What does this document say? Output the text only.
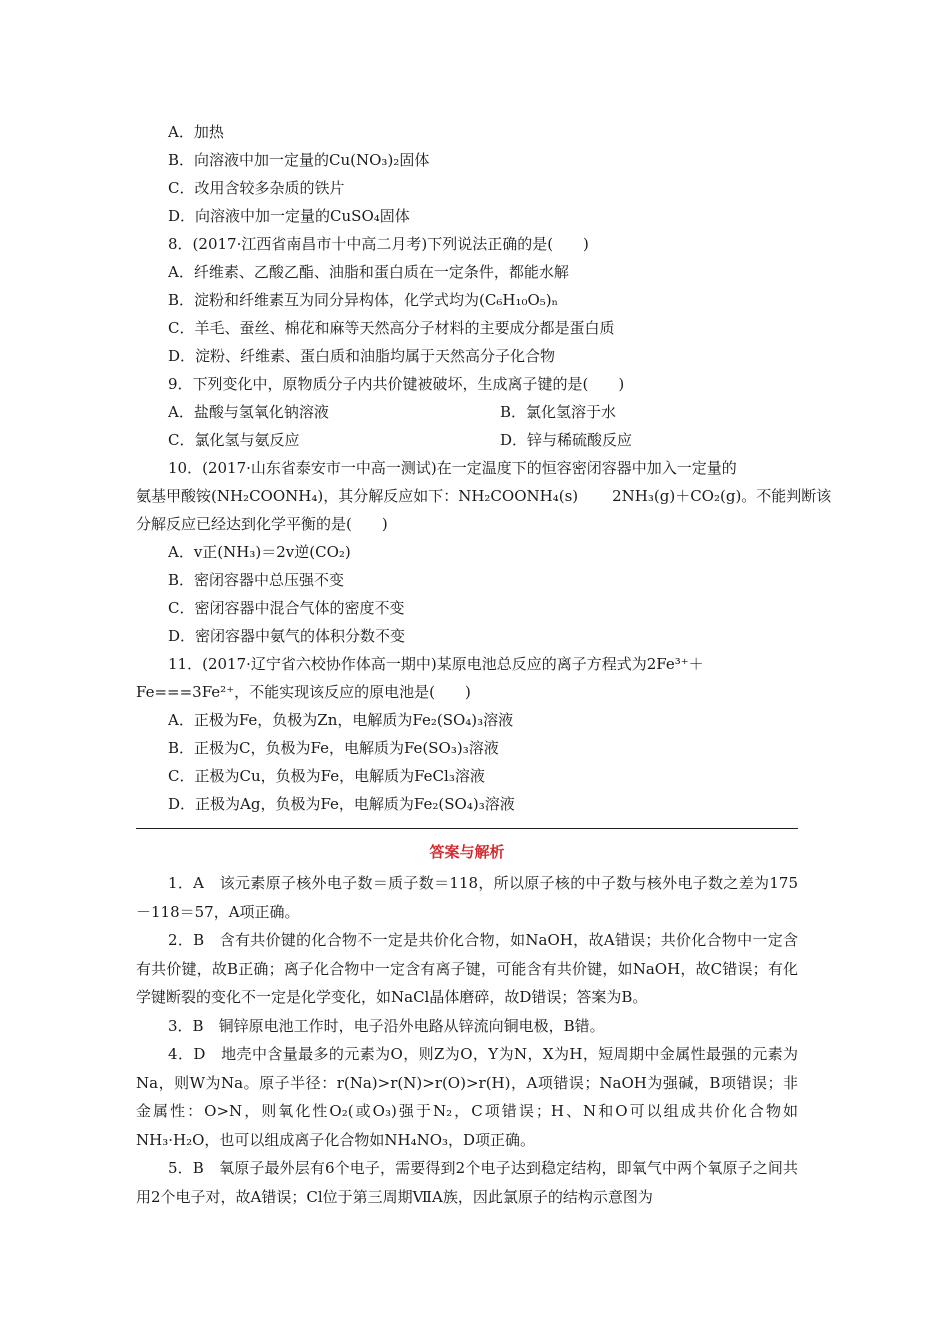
A．加热
B．向溶液中加一定量的Cu(NO₃)₂固体
C．改用含较多杂质的铁片
D．向溶液中加一定量的CuSO₄固体
8．(2017·江西省南昌市十中高二月考)下列说法正确的是(　　)
A．纤维素、乙酸乙酯、油脂和蛋白质在一定条件，都能水解
B．淀粉和纤维素互为同分异构体，化学式均为(C₆H₁₀O₅)ₙ
C．羊毛、蚕丝、棉花和麻等天然高分子材料的主要成分都是蛋白质
D．淀粉、纤维素、蛋白质和油脂均属于天然高分子化合物
9．下列变化中，原物质分子内共价键被破坏，生成离子键的是(　　)
A．盐酸与氢氧化钠溶液	B．氯化氢溶于水
C．氯化氢与氨反应	D．锌与稀硫酸反应
10．(2017·山东省泰安市一中高一测试)在一定温度下的恒容密闭容器中加入一定量的
氨基甲酸铵(NH₂COONH₄)，其分解反应如下：NH₂COONH₄(s) 2NH₃(g)＋CO₂(g)。不能判断该
分解反应已经达到化学平衡的是(　　)
A．v正(NH₃)＝2v逆(CO₂)
B．密闭容器中总压强不变
C．密闭容器中混合气体的密度不变
D．密闭容器中氨气的体积分数不变
11．(2017·辽宁省六校协作体高一期中)某原电池总反应的离子方程式为2Fe³⁺＋
Fe===3Fe²⁺，不能实现该反应的原电池是(　　)
A．正极为Fe，负极为Zn，电解质为Fe₂(SO₄)₃溶液
B．正极为C，负极为Fe，电解质为Fe(SO₃)₃溶液
C．正极为Cu，负极为Fe，电解质为FeCl₃溶液
D．正极为Ag，负极为Fe，电解质为Fe₂(SO₄)₃溶液
答案与解析
1．A　该元素原子核外电子数＝质子数＝118，所以原子核的中子数与核外电子数之差为175－118＝57，A项正确。
2．B　含有共价键的化合物不一定是共价化合物，如NaOH，故A错误；共价化合物中一定含有共价键，故B正确；离子化合物中一定含有离子键，可能含有共价键，如NaOH，故C错误；有化学键断裂的变化不一定是化学变化，如NaCl晶体磨碎，故D错误；答案为B。
3．B　铜锌原电池工作时，电子沿外电路从锌流向铜电极，B错。
4．D　地壳中含量最多的元素为O，则Z为O，Y为N，X为H，短周期中金属性最强的元素为Na，则W为Na。原子半径：r(Na)>r(N)>r(O)>r(H)，A项错误；NaOH为强碱，B项错误；非金属性：O>N，则氧化性O₂(或O₃)强于N₂，C项错误；H、N和O可以组成共价化合物如NH₃·H₂O，也可以组成离子化合物如NH₄NO₃，D项正确。
5．B　氧原子最外层有6个电子，需要得到2个电子达到稳定结构，即氧气中两个氧原子之间共用2个电子对，故A错误；Cl位于第三周期ⅦA族，因此氯原子的结构示意图为
